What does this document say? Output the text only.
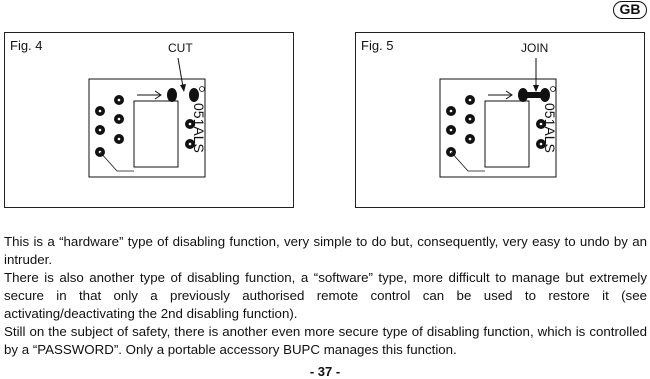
GB
Fig. 4	CUT
051ALS
Fig. 5	JOIN
051ALS

This is a “hardware” type of disabling function, very simple to do but, consequently, very easy to undo by an intruder.

There is also another type of disabling function, a “software” type, more difficult to manage but extremely secure in that only a previously authorised remote control can be used to restore it (see activating/deactivating the 2nd disabling function).

Still on the subject of safety, there is another even more secure type of disabling function, which is controlled by a “PASSWORD”. Only a portable accessory BUPC manages this function.

- 37 -
